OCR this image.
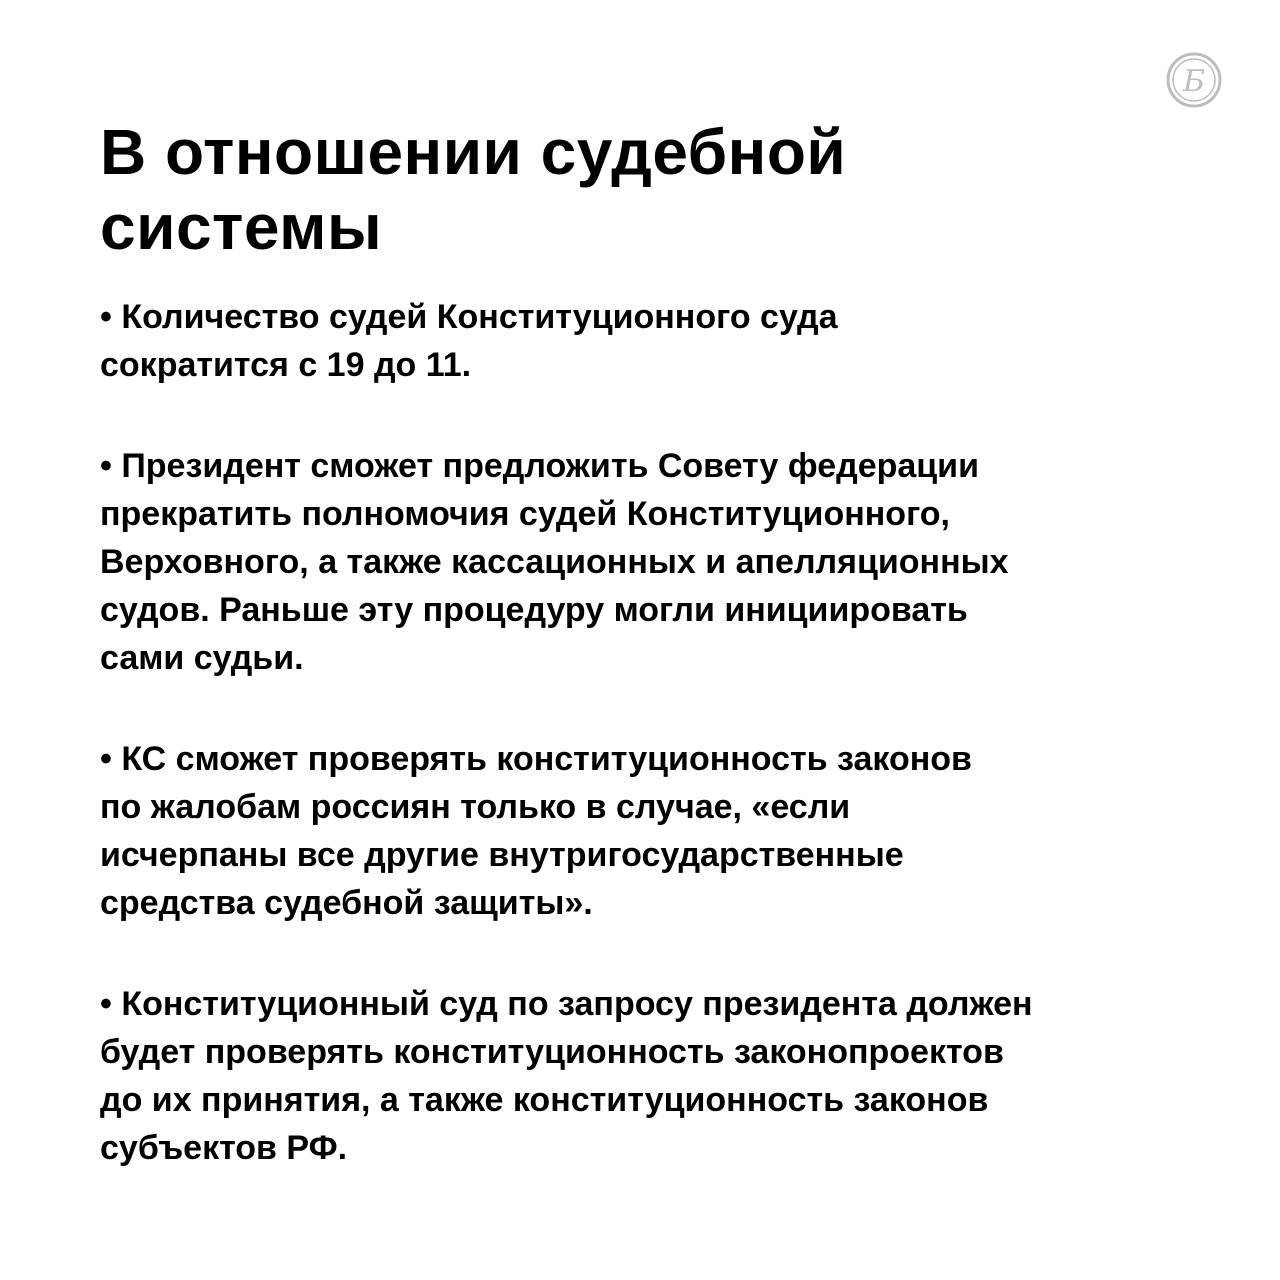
Б
В отношении судебной
системы
• Количество судей Конституционного суда
сократится с 19 до 11.
• Президент сможет предложить Совету федерации
прекратить полномочия судей Конституционного,
Верховного, а также кассационных и апелляционных
судов. Раньше эту процедуру могли инициировать
сами судьи.
• КС сможет проверять конституционность законов
по жалобам россиян только в случае, «если
исчерпаны все другие внутригосударственные
средства судебной защиты».
• Конституционный суд по запросу президента должен
будет проверять конституционность законопроектов
до их принятия, а также конституционность законов
субъектов РФ.
